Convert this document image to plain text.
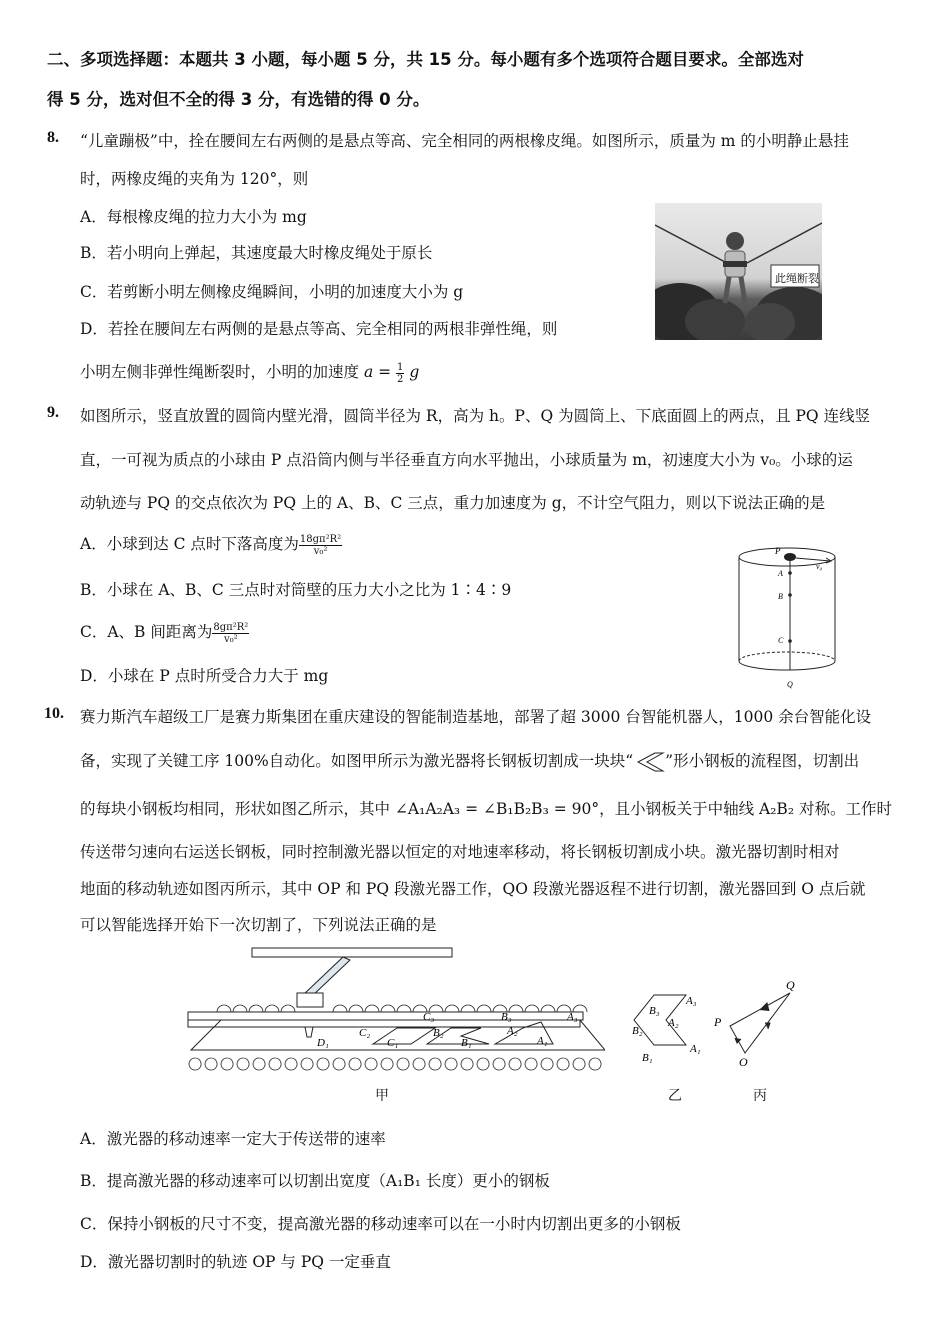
二、多项选择题：本题共 3 小题，每小题 5 分，共 15 分。每小题有多个选项符合题目要求。全部选对
得 5 分，选对但不全的得 3 分，有选错的得 0 分。
8. “儿童蹦极”中，拴在腰间左右两侧的是悬点等高、完全相同的两根橡皮绳。如图所示，质量为 m 的小明静止悬挂
时，两橡皮绳的夹角为 120°，则
A．每根橡皮绳的拉力大小为 mg
B．若小明向上弹起，其速度最大时橡皮绳处于原长
C．若剪断小明左侧橡皮绳瞬间，小明的加速度大小为 g
D．若拴在腰间左右两侧的是悬点等高、完全相同的两根非弹性绳，则
小明左侧非弹性绳断裂时，小明的加速度 $a = \frac{1}{2}$ g
此绳断裂
9. 如图所示，竖直放置的圆筒内壁光滑，圆筒半径为 R，高为 h。P、Q 为圆筒上、下底面圆上的两点，且 PQ 连线竖
直，一可视为质点的小球由 P 点沿筒内侧与半径垂直方向水平抛出，小球质量为 m，初速度大小为 v₀。小球的运
动轨迹与 PQ 的交点依次为 PQ 上的 A、B、C 三点，重力加速度为 g，不计空气阻力，则以下说法正确的是
A．小球到达 C 点时下落高度为 $\frac{\text{18gπ²R²}}{\text{v₀²}}$
B．小球在 A、B、C 三点时对筒壁的压力大小之比为 1∶4∶9
C．A、B 间距离为 $\frac{\text{8gπ²R²}}{\text{v₀²}}$
D．小球在 P 点时所受合力大于 mg
P
v₀
A
B
C
Q
10. 赛力斯汽车超级工厂是赛力斯集团在重庆建设的智能制造基地，部署了超 3000 台智能机器人，1000 余台智能化设
备，实现了关键工序 100%自动化。如图甲所示为激光器将长钢板切割成一块块“ ”形小钢板的流程图，切割出
的每块小钢板均相同，形状如图乙所示，其中 ∠A₁A₂A₃ = ∠B₁B₂B₃ = 90°，且小钢板关于中轴线 A₂B₂ 对称。工作时
传送带匀速向右运送长钢板，同时控制激光器以恒定的对地速率移动，将长钢板切割成小块。激光器切割时相对
地面的移动轨迹如图丙所示，其中 OP 和 PQ 段激光器工作，QO 段激光器返程不进行切割，激光器回到 O 点后就
可以智能选择开始下一次切割了，下列说法正确的是
D₁
C₂
C₁
C₃
B₂
B₁
B₃
A₂
A₁
A₃
甲
B₃
A₃
B₂
A₂
B₁
A₁
乙
Q
P
O
丙
A．激光器的移动速率一定大于传送带的速率
B．提高激光器的移动速率可以切割出宽度（A₁B₁ 长度）更小的钢板
C．保持小钢板的尺寸不变，提高激光器的移动速率可以在一小时内切割出更多的小钢板
D．激光器切割时的轨迹 OP 与 PQ 一定垂直
